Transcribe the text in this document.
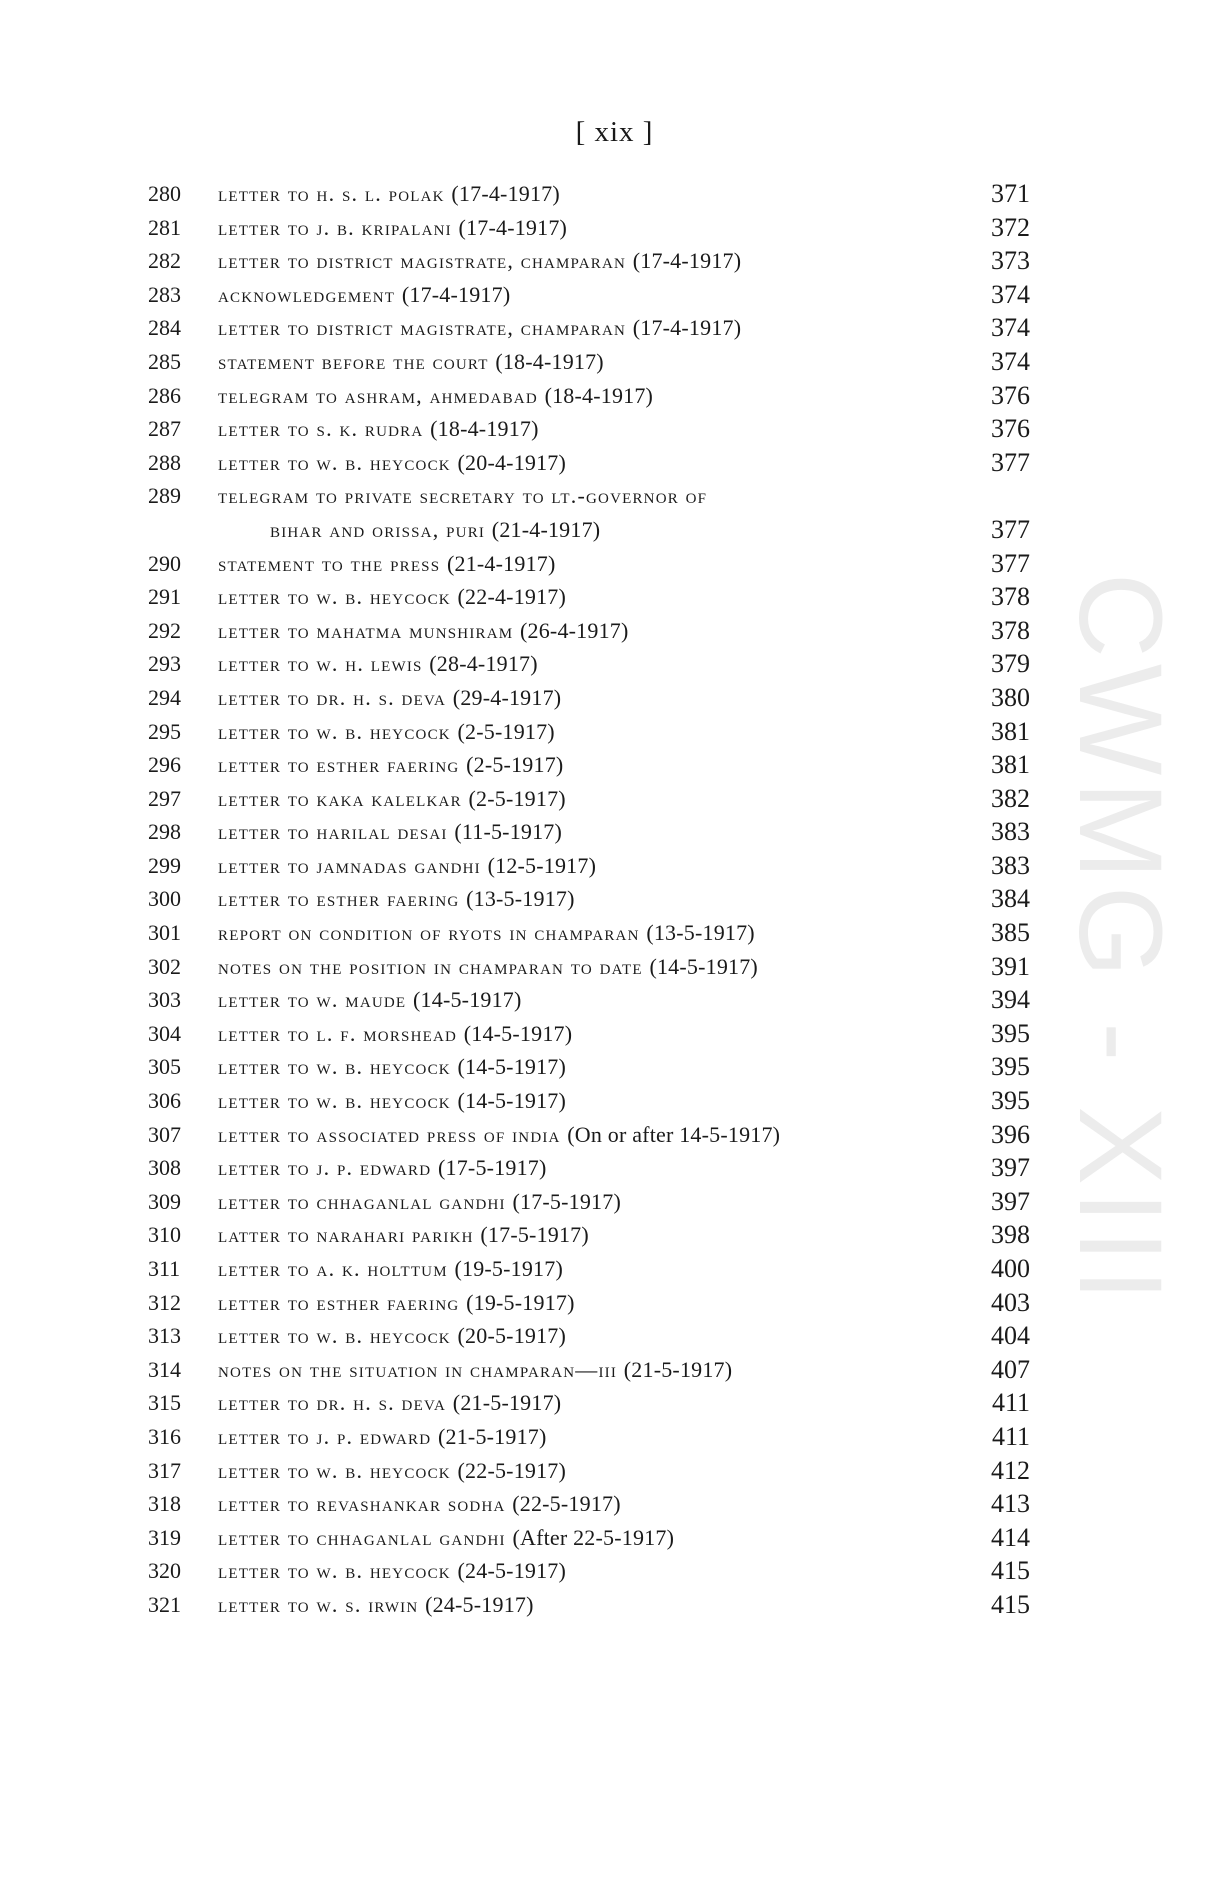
[ xix ]
CWMG - XIII
280	letter to h. s. l. polak (17-4-1917)	371
281	letter to j. b. kripalani (17-4-1917)	372
282	letter to district magistrate, champaran (17-4-1917)	373
283	acknowledgement (17-4-1917)	374
284	letter to district magistrate, champaran (17-4-1917)	374
285	statement before the court (18-4-1917)	374
286	telegram to ashram, ahmedabad (18-4-1917)	376
287	letter to s. k. rudra (18-4-1917)	376
288	letter to w. b. heycock (20-4-1917)	377
289	telegram to private secretary to lt.-governor of
bihar and orissa, puri (21-4-1917)	377
290	statement to the press (21-4-1917)	377
291	letter to w. b. heycock (22-4-1917)	378
292	letter to mahatma munshiram (26-4-1917)	378
293	letter to w. h. lewis (28-4-1917)	379
294	letter to dr. h. s. deva (29-4-1917)	380
295	letter to w. b. heycock (2-5-1917)	381
296	letter to esther faering (2-5-1917)	381
297	letter to kaka kalelkar (2-5-1917)	382
298	letter to harilal desai (11-5-1917)	383
299	letter to jamnadas gandhi (12-5-1917)	383
300	letter to esther faering (13-5-1917)	384
301	report on condition of ryots in champaran (13-5-1917)	385
302	notes on the position in champaran to date (14-5-1917)	391
303	letter to w. maude (14-5-1917)	394
304	letter to l. f. morshead (14-5-1917)	395
305	letter to w. b. heycock (14-5-1917)	395
306	letter to w. b. heycock (14-5-1917)	395
307	letter to associated press of india (On or after 14-5-1917)	396
308	letter to j. p. edward (17-5-1917)	397
309	letter to chhaganlal gandhi (17-5-1917)	397
310	latter to narahari parikh (17-5-1917)	398
311	letter to a. k. holttum (19-5-1917)	400
312	letter to esther faering (19-5-1917)	403
313	letter to w. b. heycock (20-5-1917)	404
314	notes on the situation in champaran—iii (21-5-1917)	407
315	letter to dr. h. s. deva (21-5-1917)	411
316	letter to j. p. edward (21-5-1917)	411
317	letter to w. b. heycock (22-5-1917)	412
318	letter to revashankar sodha (22-5-1917)	413
319	letter to chhaganlal gandhi (After 22-5-1917)	414
320	letter to w. b. heycock (24-5-1917)	415
321	letter to w. s. irwin (24-5-1917)	415
